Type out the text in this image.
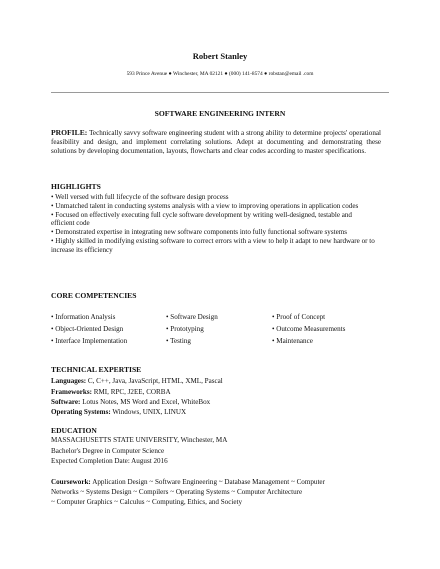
Robert Stanley
593 Prince Avenue ● Winchester, MA 02121 ● (000) 141-8574 ● robstan@email .com
SOFTWARE ENGINEERING INTERN
PROFILE: Technically savvy software engineering student with a strong ability to determine projects' operational feasibility and design, and implement correlating solutions. Adept at documenting and demonstrating these solutions by developing documentation, layouts, flowcharts and clear codes according to master specifications.
HIGHLIGHTS
• Well versed with full lifecycle of the software design process
• Unmatched talent in conducting systems analysis with a view to improving operations in application codes
• Focused on effectively executing full cycle software development by writing well-designed, testable and efficient code
• Demonstrated expertise in integrating new software components into fully functional software systems
• Highly skilled in modifying existing software to correct errors with a view to help it adapt to new hardware or to increase its efficiency
CORE COMPETENCIES
• Information Analysis
• Object-Oriented Design
• Interface Implementation
• Software Design
• Prototyping
• Testing
• Proof of Concept
• Outcome Measurements
• Maintenance
TECHNICAL EXPERTISE
Languages: C, C++, Java, JavaScript, HTML, XML, Pascal
Frameworks: RMI, RPC, J2EE, CORBA
Software: Lotus Notes, MS Word and Excel, WhiteBox
Operating Systems: Windows, UNIX, LINUX
EDUCATION
MASSACHUSETTS STATE UNIVERSITY, Winchester, MA
Bachelor's Degree in Computer Science
Expected Completion Date: August 2016
Coursework: Application Design ~ Software Engineering ~ Database Management ~ Computer
Networks ~ Systems Design ~ Compilers ~ Operating Systems ~ Computer Architecture
~ Computer Graphics ~ Calculus ~ Computing, Ethics, and Society
